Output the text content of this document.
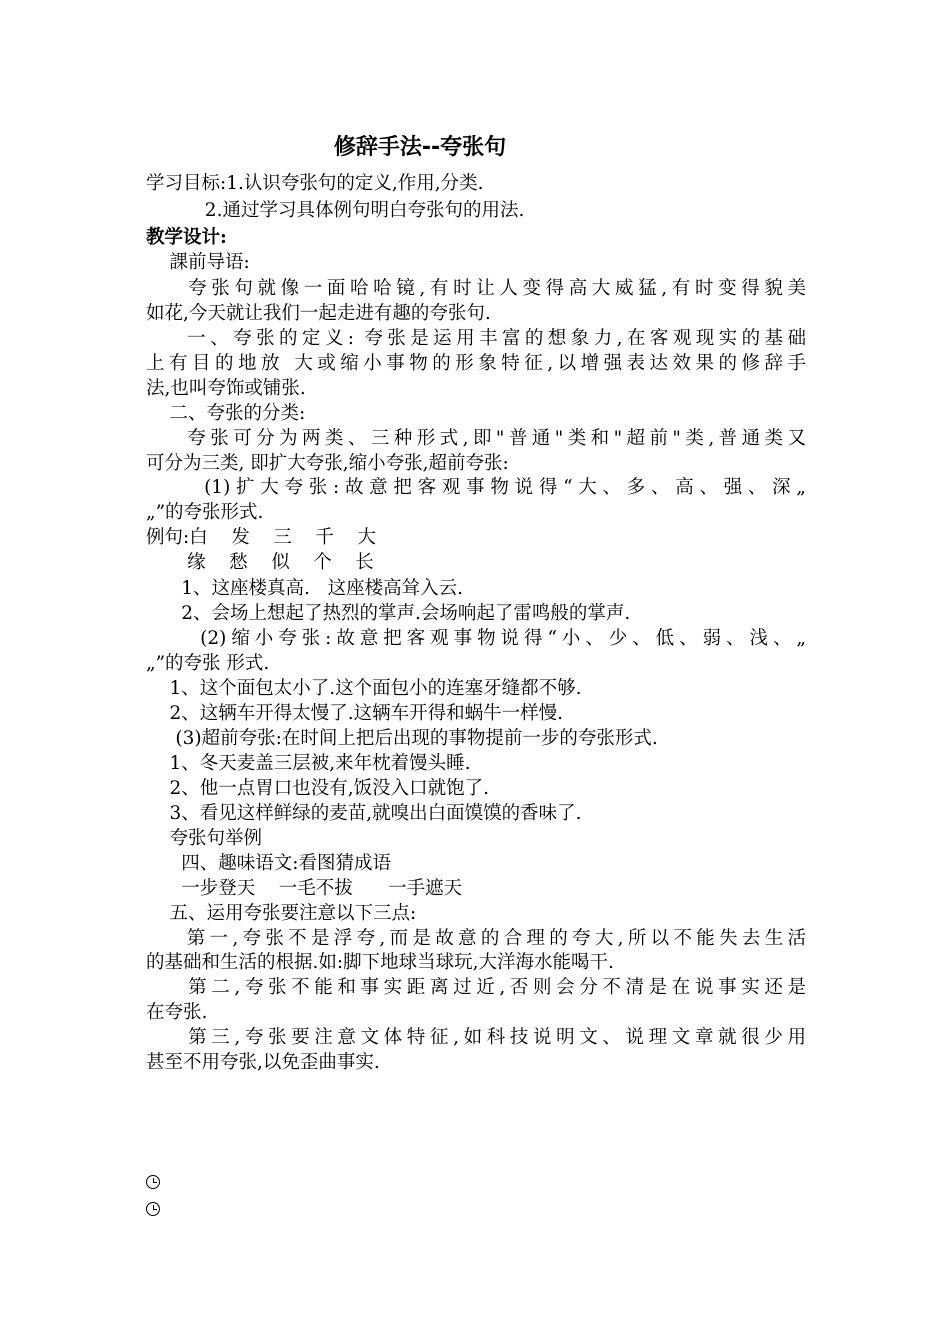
修辞手法--夸张句
学习目标:1.认识夸张句的定义,作用,分类.
2.通过学习具体例句明白夸张句的用法.
教学设计:
課前导语:
夸张句就像一面哈哈镜,有时让人变得高大威猛,有时变得貌美
如花,今天就让我们一起走进有趣的夸张句.
一、夸张的定义: 夸张是运用丰富的想象力,在客观现实的基础
上有目的地放 大或缩小事物的形象特征,以增强表达效果的修辞手
法,也叫夸饰或铺张.
二、夸张的分类:
夸张可分为两类、三种形式,即"普通"类和"超前"类,普通类又
可分为三类, 即扩大夸张,缩小夸张,超前夸张:
(1)扩大夸张:故意把客观事物说得“大、多、高、强、深„
„”的夸张形式.
例句:白    发    三    千    大
缘    愁    似    个    长
1、这座楼真高.   这座楼高耸入云.
2、会场上想起了热烈的掌声.会场响起了雷鸣般的掌声.
(2)缩小夸张:故意把客观事物说得“小、少、低、弱、浅、„
„”的夸张 形式.
1、这个面包太小了.这个面包小的连塞牙缝都不够.
2、这辆车开得太慢了.这辆车开得和蜗牛一样慢.
(3)超前夸张:在时间上把后出现的事物提前一步的夸张形式.
1、冬天麦盖三层被,来年枕着馒头睡.
2、他一点胃口也没有,饭没入口就饱了.
3、看见这样鲜绿的麦苗,就嗅出白面馍馍的香味了.
夸张句举例
四、趣味语文:看图猜成语
一步登天    一毛不拔      一手遮天
五、运用夸张要注意以下三点:
第一,夸张不是浮夸,而是故意的合理的夸大,所以不能失去生活
的基础和生活的根据.如:脚下地球当球玩,大洋海水能喝干.
第二,夸张不能和事实距离过近,否则会分不清是在说事实还是
在夸张.
第三,夸张要注意文体特征,如科技说明文、说理文章就很少用
甚至不用夸张,以免歪曲事实.
